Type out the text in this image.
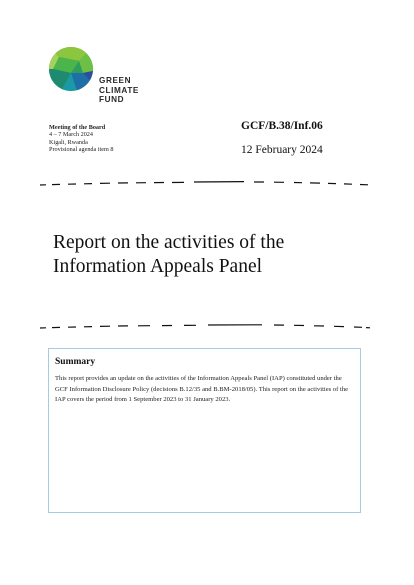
GREEN
CLIMATE
FUND
Meeting of the Board
4 – 7 March 2024
Kigali, Rwanda
Provisional agenda item 8
GCF/B.38/Inf.06
12 February 2024
Report on the activities of the
Information Appeals Panel
Summary
This report provides an update on the activities of the Information Appeals Panel (IAP) constituted under the GCF Information Disclosure Policy (decisions B.12/35 and B.BM-2018/05). This report on the activities of the IAP covers the period from 1 September 2023 to 31 January 2023.
